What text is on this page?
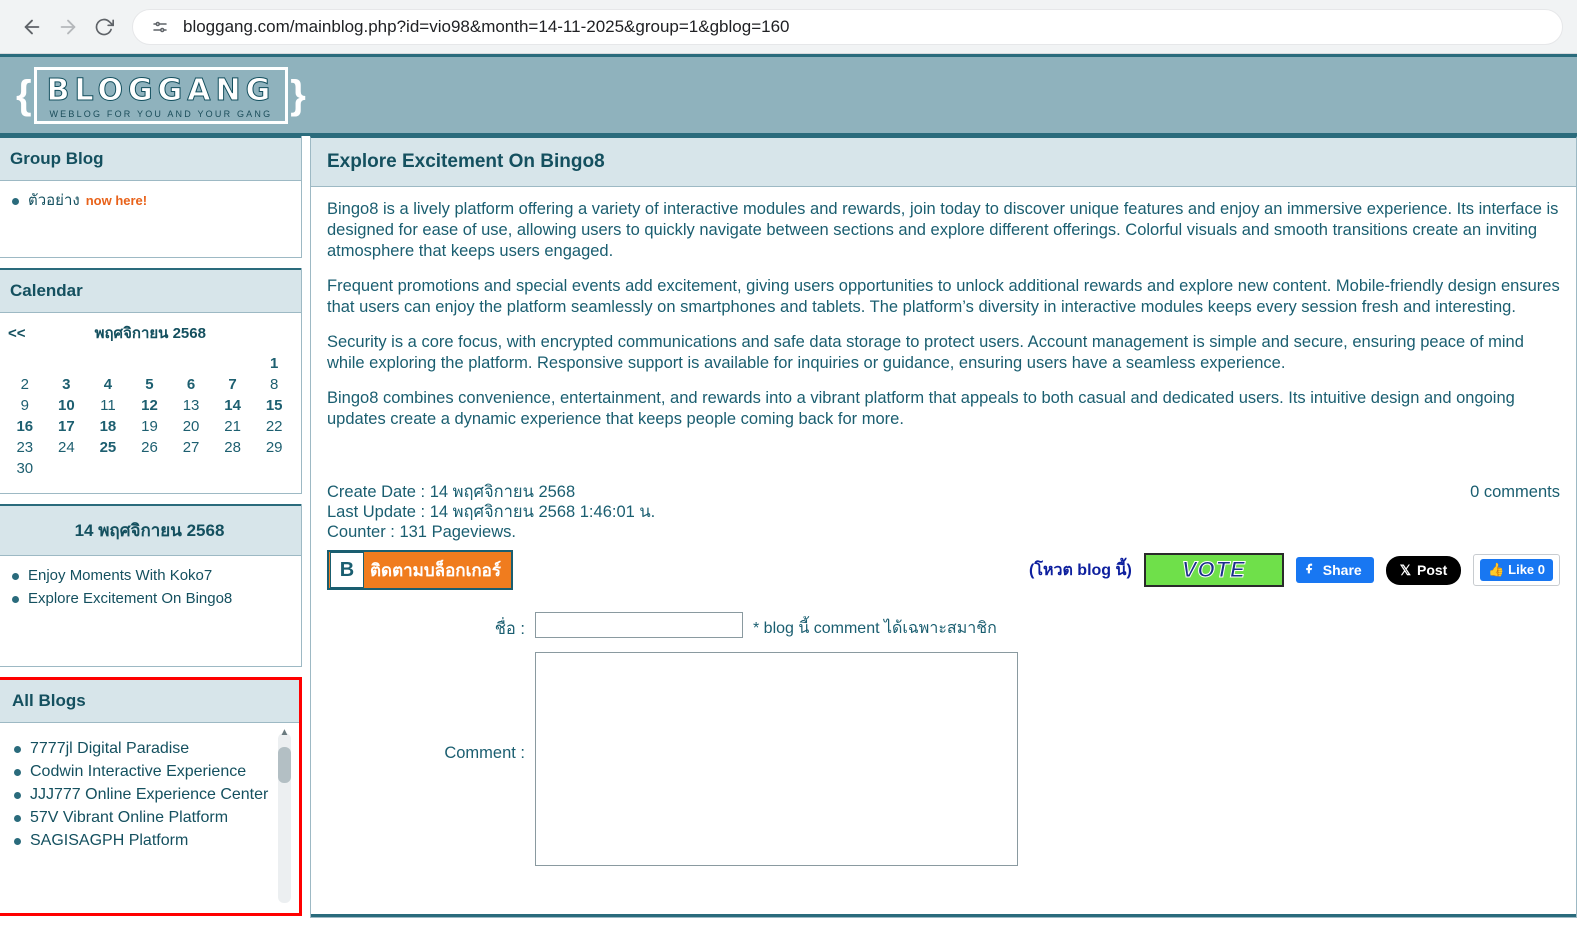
bloggang.com/mainblog.php?id=vio98&month=14-11-2025&group=1&gblog=160
{ BLOGGANG
WEBLOG FOR YOU AND YOUR GANG }
Group Blog
ตัวอย่าง now here!
Calendar
<<	พฤศจิกายน 2568
						1
2	3	4	5	6	7	8
9	10	11	12	13	14	15
16	17	18	19	20	21	22
23	24	25	26	27	28	29
30						
14 พฤศจิกายน 2568
Enjoy Moments With Koko7
Explore Excitement On Bingo8
All Blogs
7777jl Digital Paradise
Codwin Interactive Experience
JJJ777 Online Experience Center
57V Vibrant Online Platform
SAGISAGPH Platform
▲
Explore Excitement On Bingo8

Bingo8 is a lively platform offering a variety of interactive modules and rewards, join today to discover unique features and enjoy an immersive experience. Its interface is designed for ease of use, allowing users to quickly navigate between sections and explore different offerings. Colorful visuals and smooth transitions create an inviting atmosphere that keeps users engaged.

Frequent promotions and special events add excitement, giving users opportunities to unlock additional rewards and explore new content. Mobile-friendly design ensures that users can enjoy the platform seamlessly on smartphones and tablets. The platform’s diversity in interactive modules keeps every session fresh and interesting.

Security is a core focus, with encrypted communications and safe data storage to protect users. Account management is simple and secure, ensuring peace of mind while exploring the platform. Responsive support is available for inquiries or guidance, ensuring users have a seamless experience.

Bingo8 combines convenience, entertainment, and rewards into a vibrant platform that appeals to both casual and dedicated users. Its intuitive design and ongoing updates create a dynamic experience that keeps people coming back for more.

Create Date : 14 พฤศจิกายน 2568
Last Update : 14 พฤศจิกายน 2568 1:46:01 น.
Counter : 131 Pageviews.
0 comments
B ติดตามบล็อกเกอร์	(โหวต blog นี้) VOTE	Share	𝕏 Post	👍 Like 0
ชื่อ :	* blog นี้ comment ได้เฉพาะสมาชิก
Comment :
